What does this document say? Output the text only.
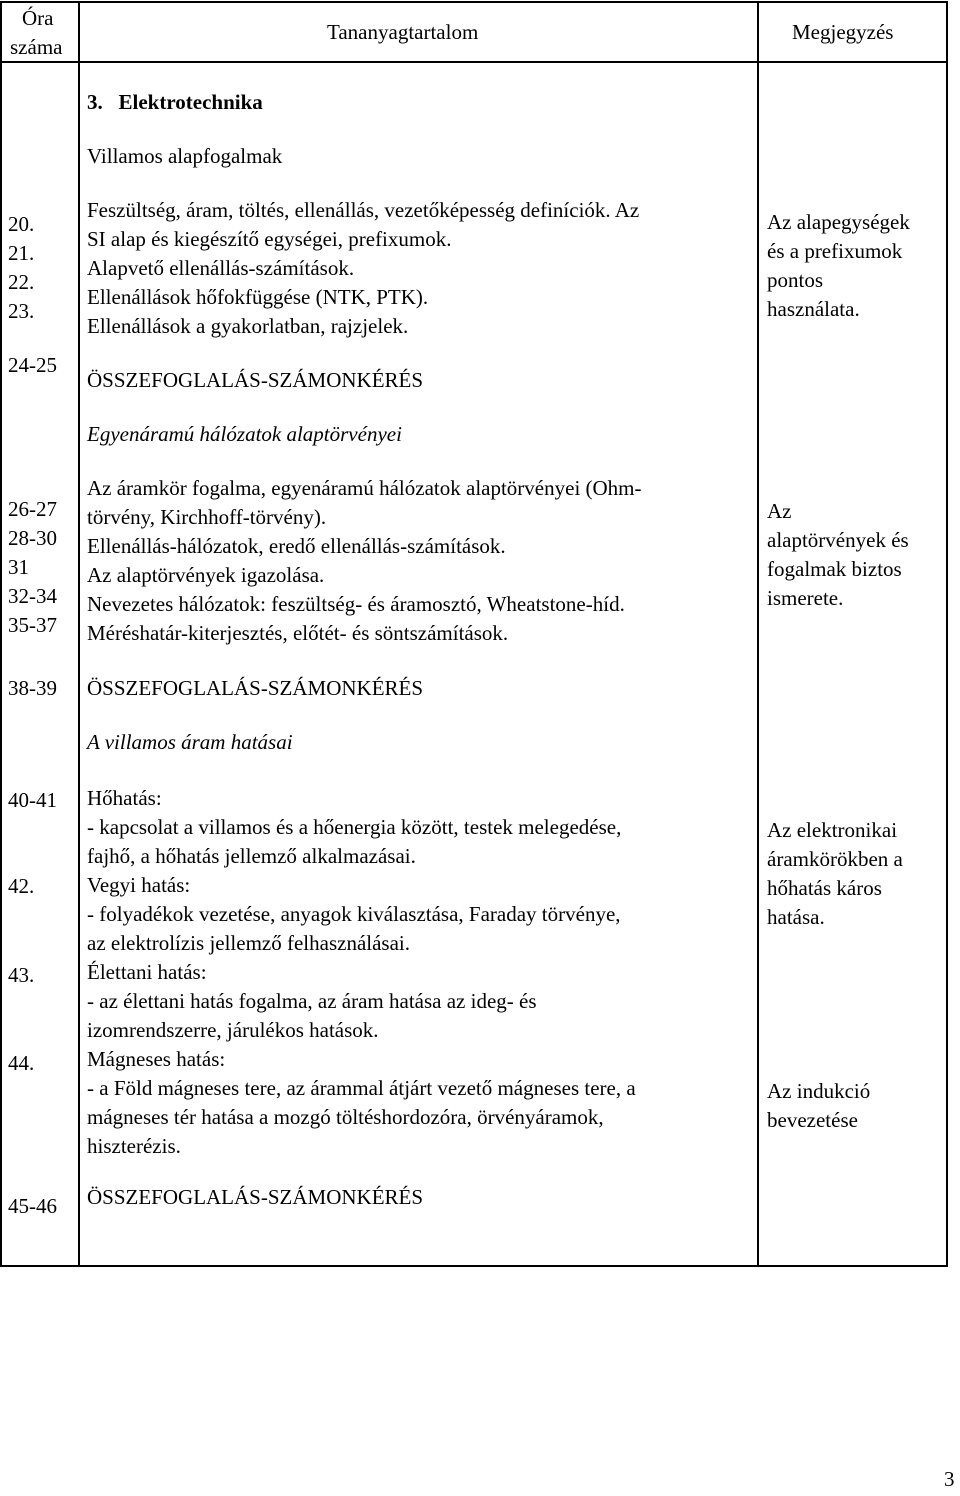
Óra
száma
Tananyagtartalom	Megjegyzés
3.   Elektrotechnika
Villamos alapfogalmak
20.
21.
22.
23.
Feszültség, áram, töltés, ellenállás, vezetőképesség definíciók. Az
SI alap és kiegészítő egységei, prefixumok.
Alapvető ellenállás-számítások.
Ellenállások hőfokfüggése (NTK, PTK).
Ellenállások a gyakorlatban, rajzjelek.
Az alapegységek
és a prefixumok
pontos
használata.
24-25
ÖSSZEFOGLALÁS-SZÁMONKÉRÉS
Egyenáramú hálózatok alaptörvényei
26-27
28-30
31
32-34
35-37
Az áramkör fogalma, egyenáramú hálózatok alaptörvényei (Ohm-
törvény, Kirchhoff-törvény).
Ellenállás-hálózatok, eredő ellenállás-számítások.
Az alaptörvények igazolása.
Nevezetes hálózatok: feszültség- és áramosztó, Wheatstone-híd.
Méréshatár-kiterjesztés, előtét- és söntszámítások.
Az
alaptörvények és
fogalmak biztos
ismerete.
38-39 ÖSSZEFOGLALÁS-SZÁMONKÉRÉS
A villamos áram hatásai
40-41
42.
43.
44.
Hőhatás:
- kapcsolat a villamos és a hőenergia között, testek melegedése,
fajhő, a hőhatás jellemző alkalmazásai.
Vegyi hatás:
- folyadékok vezetése, anyagok kiválasztása, Faraday törvénye,
az elektrolízis jellemző felhasználásai.
Élettani hatás:
- az élettani hatás fogalma, az áram hatása az ideg- és
izomrendszerre, járulékos hatások.
Mágneses hatás:
- a Föld mágneses tere, az árammal átjárt vezető mágneses tere, a
mágneses tér hatása a mozgó töltéshordozóra, örvényáramok,
hiszterézis.
Az elektronikai
áramkörökben a
hőhatás káros
hatása.
Az indukció
bevezetése
45-46 ÖSSZEFOGLALÁS-SZÁMONKÉRÉS
3
